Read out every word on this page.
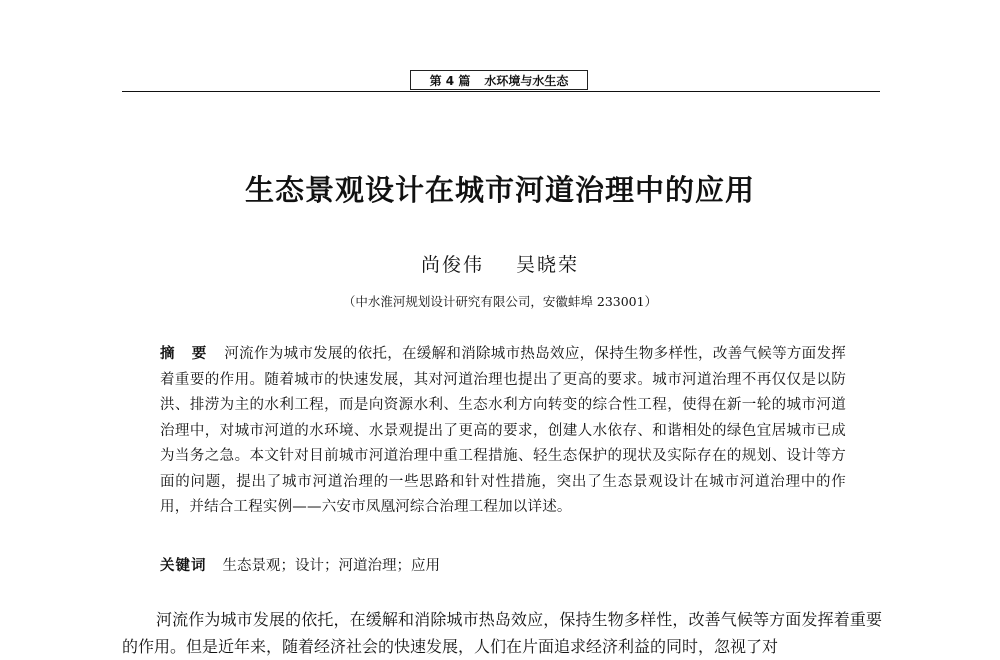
第 4 篇 水环境与水生态
生态景观设计在城市河道治理中的应用
尚俊伟 吴晓荣
（中水淮河规划设计研究有限公司，安徽蚌埠 233001）
摘 要 河流作为城市发展的依托，在缓解和消除城市热岛效应，保持生物多样性，改善气候等方面发挥着重要的作用。随着城市的快速发展，其对河道治理也提出了更高的要求。城市河道治理不再仅仅是以防洪、排涝为主的水利工程，而是向资源水利、生态水利方向转变的综合性工程，使得在新一轮的城市河道治理中，对城市河道的水环境、水景观提出了更高的要求，创建人水依存、和谐相处的绿色宜居城市已成为当务之急。本文针对目前城市河道治理中重工程措施、轻生态保护的现状及实际存在的规划、设计等方面的问题，提出了城市河道治理的一些思路和针对性措施，突出了生态景观设计在城市河道治理中的作用，并结合工程实例——六安市凤凰河综合治理工程加以详述。
关键词 生态景观；设计；河道治理；应用
河流作为城市发展的依托，在缓解和消除城市热岛效应，保持生物多样性，改善气候等方面发挥着重要的作用。但是近年来，随着经济社会的快速发展，人们在片面追求经济利益的同时，忽视了对
